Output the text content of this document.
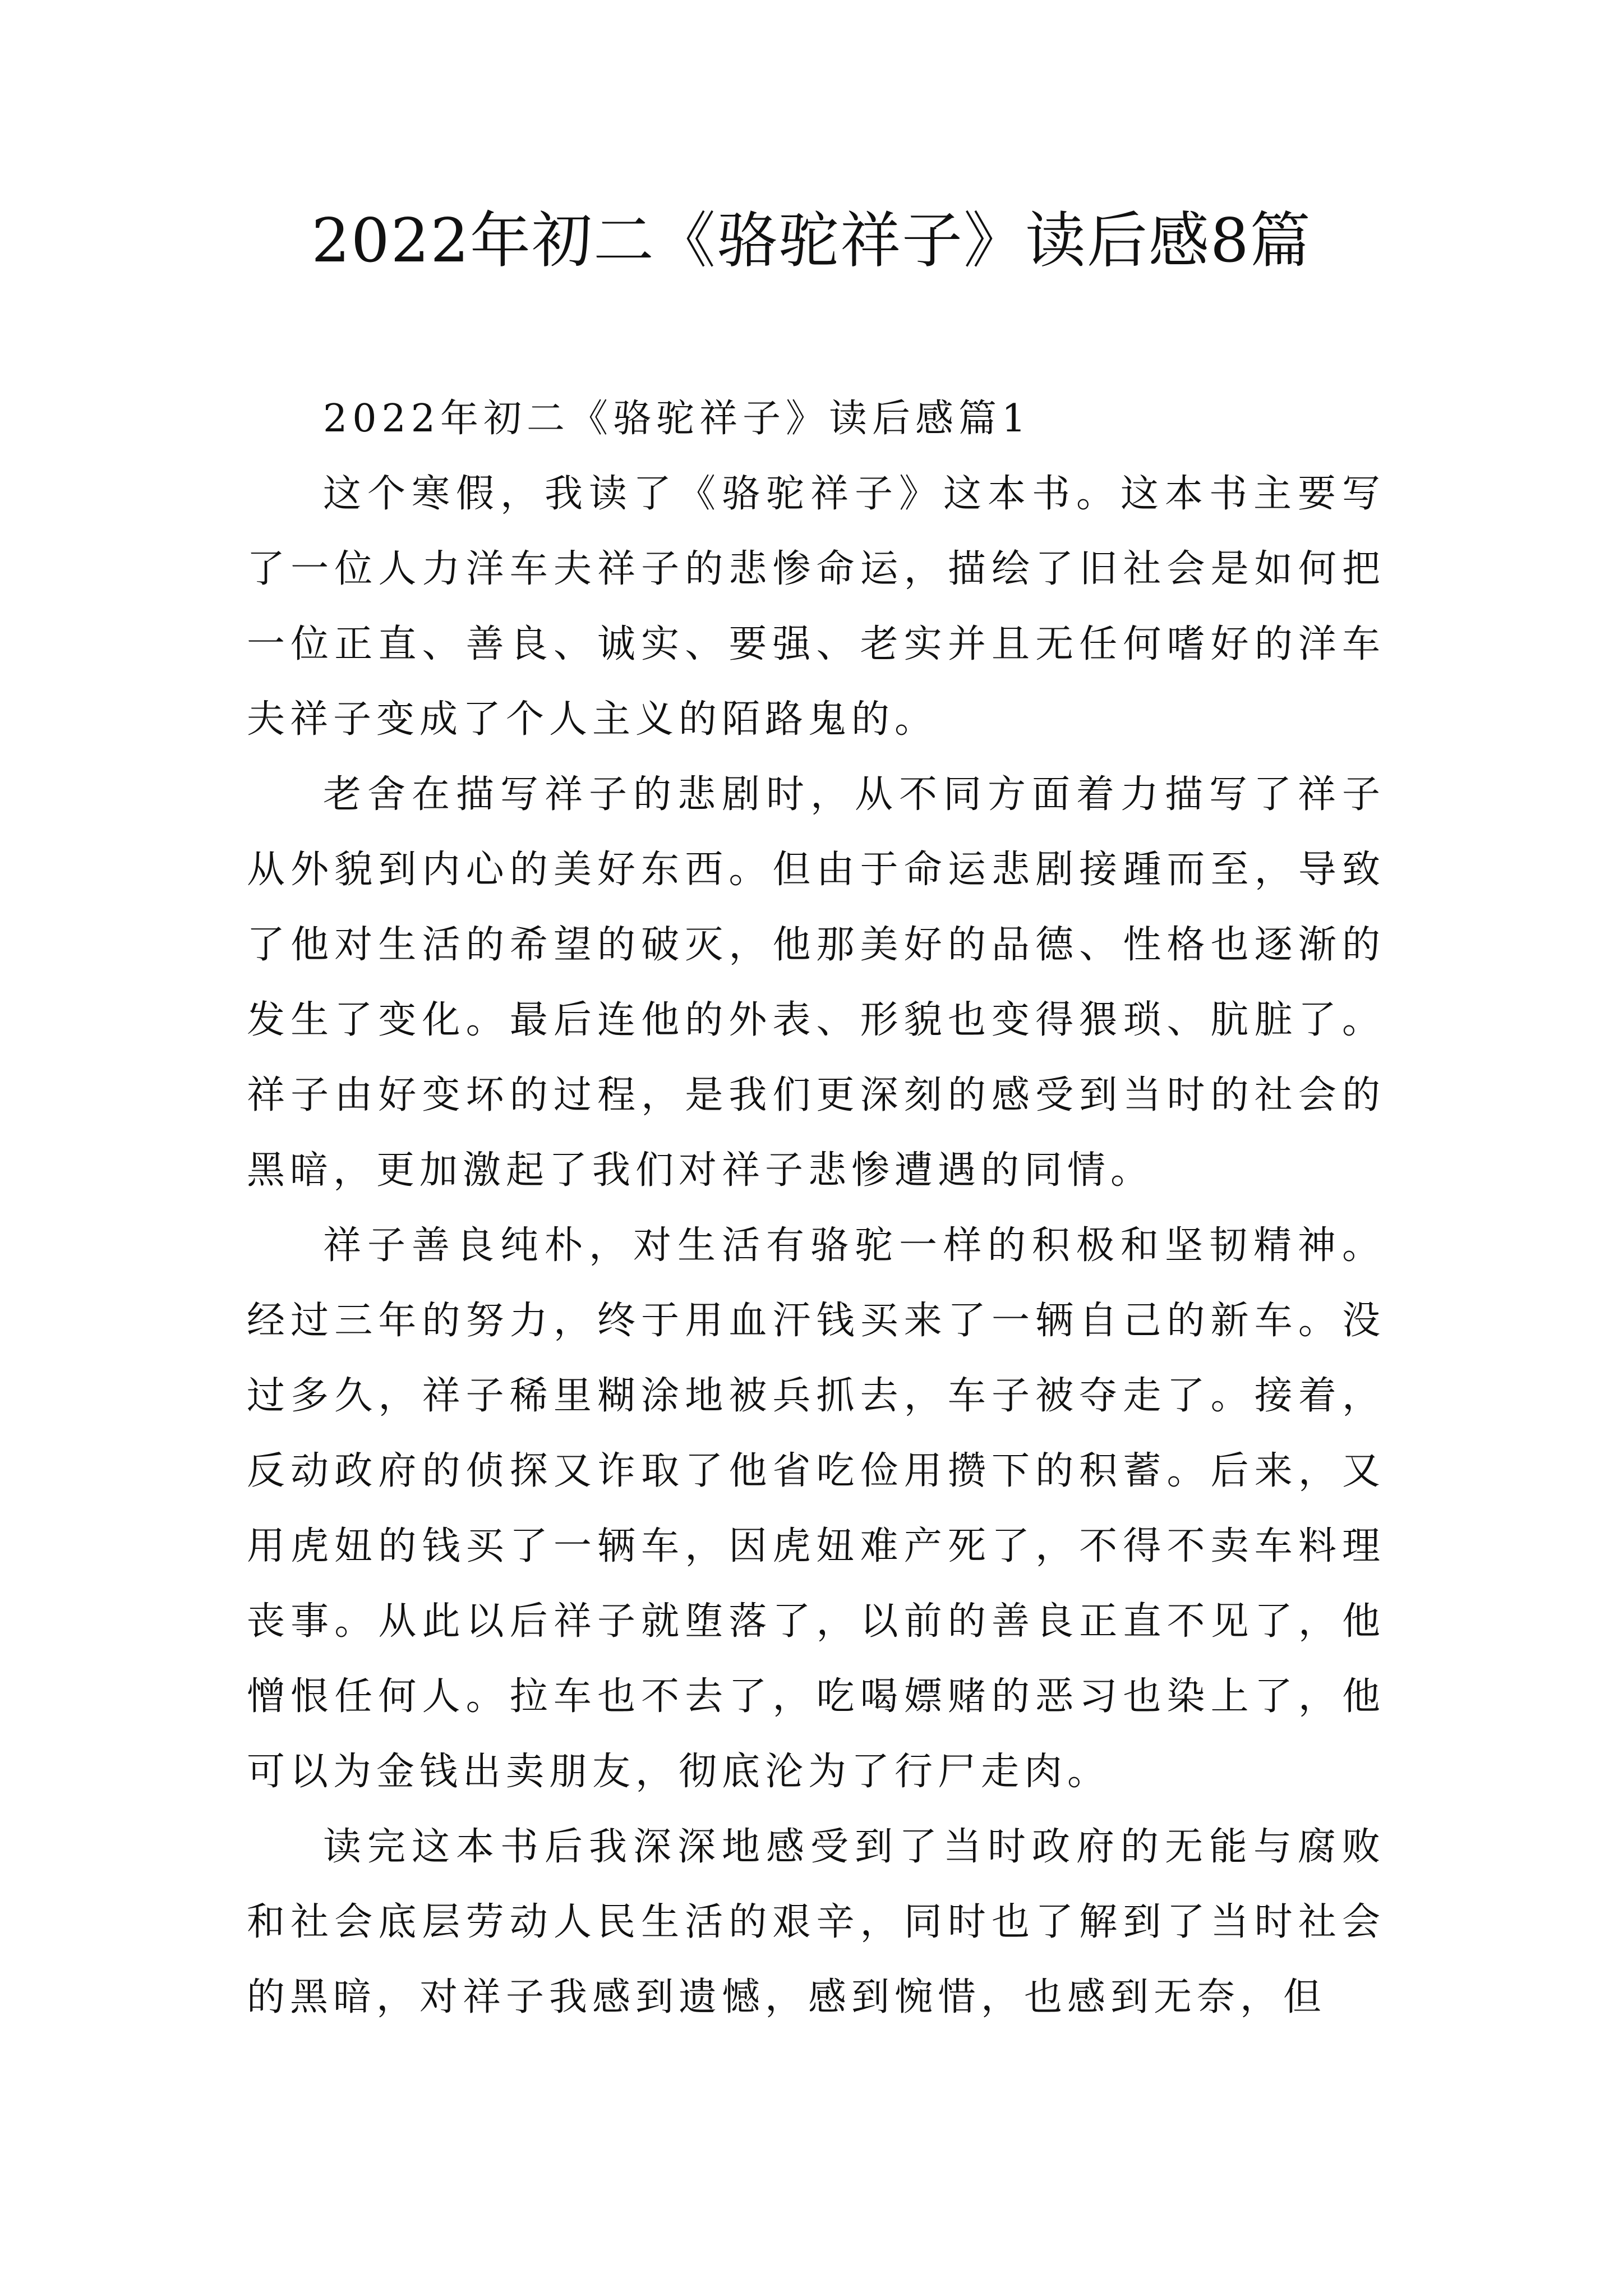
2022年初二《骆驼祥子》读后感8篇

2022年初二《骆驼祥子》读后感篇1

这个寒假，我读了《骆驼祥子》这本书。这本书主要写了一位人力洋车夫祥子的悲惨命运，描绘了旧社会是如何把一位正直、善良、诚实、要强、老实并且无任何嗜好的洋车夫祥子变成了个人主义的陌路鬼的。

老舍在描写祥子的悲剧时，从不同方面着力描写了祥子从外貌到内心的美好东西。但由于命运悲剧接踵而至，导致了他对生活的希望的破灭，他那美好的品德、性格也逐渐的发生了变化。最后连他的外表、形貌也变得猥琐、肮脏了。祥子由好变坏的过程，是我们更深刻的感受到当时的社会的黑暗，更加激起了我们对祥子悲惨遭遇的同情。

祥子善良纯朴，对生活有骆驼一样的积极和坚韧精神。经过三年的努力，终于用血汗钱买来了一辆自己的新车。没过多久，祥子稀里糊涂地被兵抓去，车子被夺走了。接着，反动政府的侦探又诈取了他省吃俭用攒下的积蓄。后来，又用虎妞的钱买了一辆车，因虎妞难产死了，不得不卖车料理丧事。从此以后祥子就堕落了，以前的善良正直不见了，他憎恨任何人。拉车也不去了，吃喝嫖赌的恶习也染上了，他可以为金钱出卖朋友，彻底沦为了行尸走肉。

读完这本书后我深深地感受到了当时政府的无能与腐败和社会底层劳动人民生活的艰辛，同时也了解到了当时社会的黑暗，对祥子我感到遗憾，感到惋惜，也感到无奈，但
